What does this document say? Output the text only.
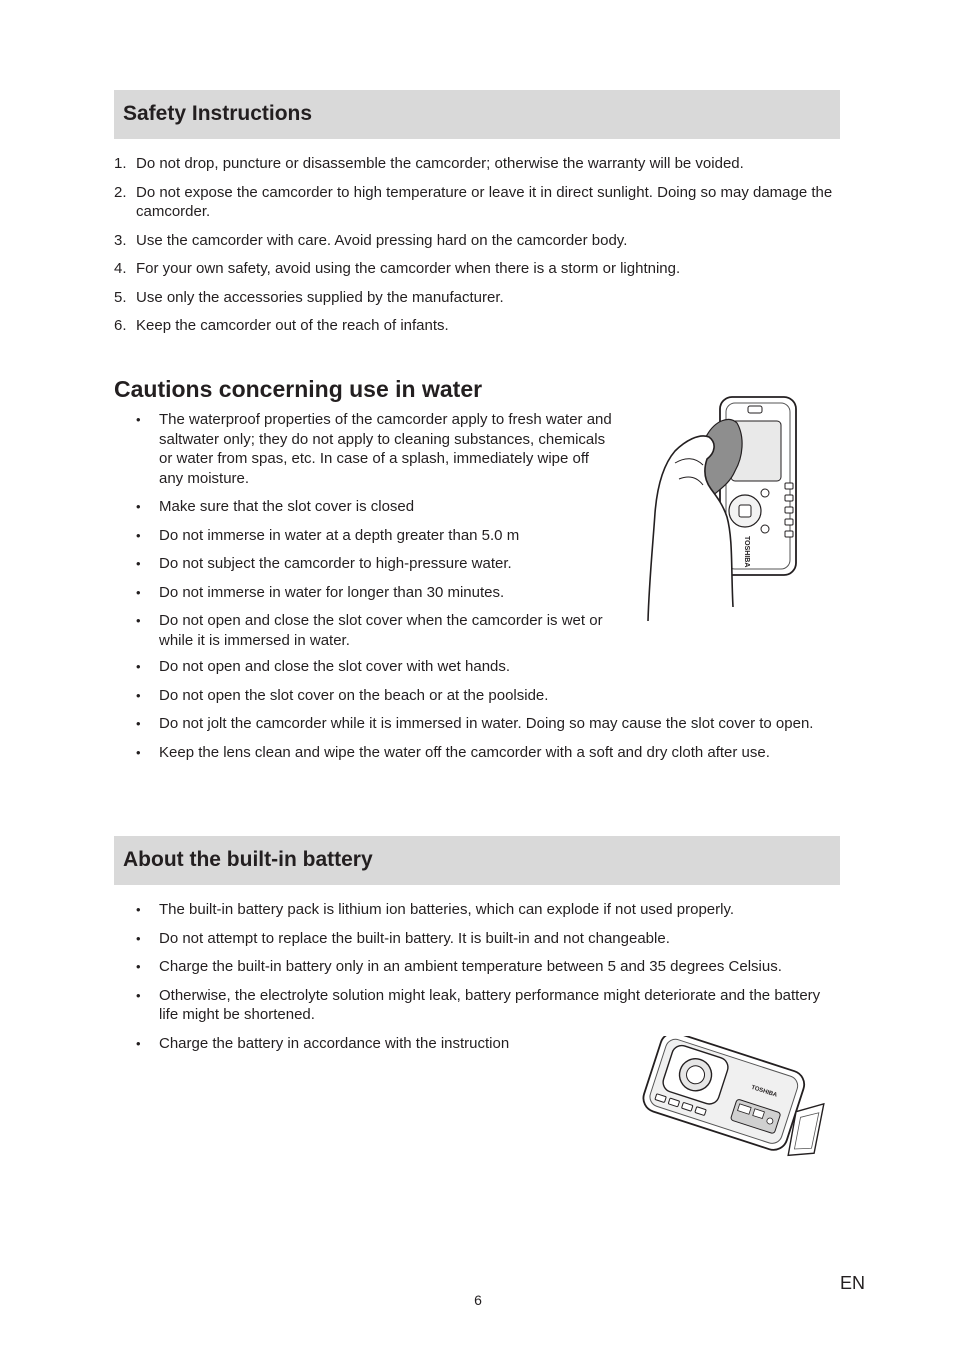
Safety Instructions
1. Do not drop, puncture or disassemble the camcorder; otherwise the warranty will be voided.
2. Do not expose the camcorder to high temperature or leave it in direct sunlight. Doing so may damage the camcorder.
3. Use the camcorder with care. Avoid pressing hard on the camcorder body.
4. For your own safety, avoid using the camcorder when there is a storm or lightning.
5. Use only the accessories supplied by the manufacturer.
6. Keep the camcorder out of the reach of infants.
Cautions concerning use in water
• The waterproof properties of the camcorder apply to fresh water and saltwater only; they do not apply to cleaning substances, chemicals or water from spas, etc. In case of a splash, immediately wipe off any moisture.
• Make sure that the slot cover is closed
• Do not immerse in water at a depth greater than 5.0 m
• Do not subject the camcorder to high-pressure water.
• Do not immerse in water for longer than 30 minutes.
• Do not open and close the slot cover when the camcorder is wet or while it is immersed in water.
• Do not open and close the slot cover with wet hands.
• Do not open the slot cover on the beach or at the poolside.
• Do not jolt the camcorder while it is immersed in water. Doing so may cause the slot cover to open.
• Keep the lens clean and wipe the water off the camcorder with a soft and dry cloth after use.
TOSHIBA
About the built-in battery
• The built-in battery pack is lithium ion batteries, which can explode if not used properly.
• Do not attempt to replace the built-in battery. It is built-in and not changeable.
• Charge the built-in battery only in an ambient temperature between 5 and 35 degrees Celsius.
• Otherwise, the electrolyte solution might leak, battery performance might deteriorate and the battery life might be shortened.
• Charge the battery in accordance with the instruction
TOSHIBA
6
EN
